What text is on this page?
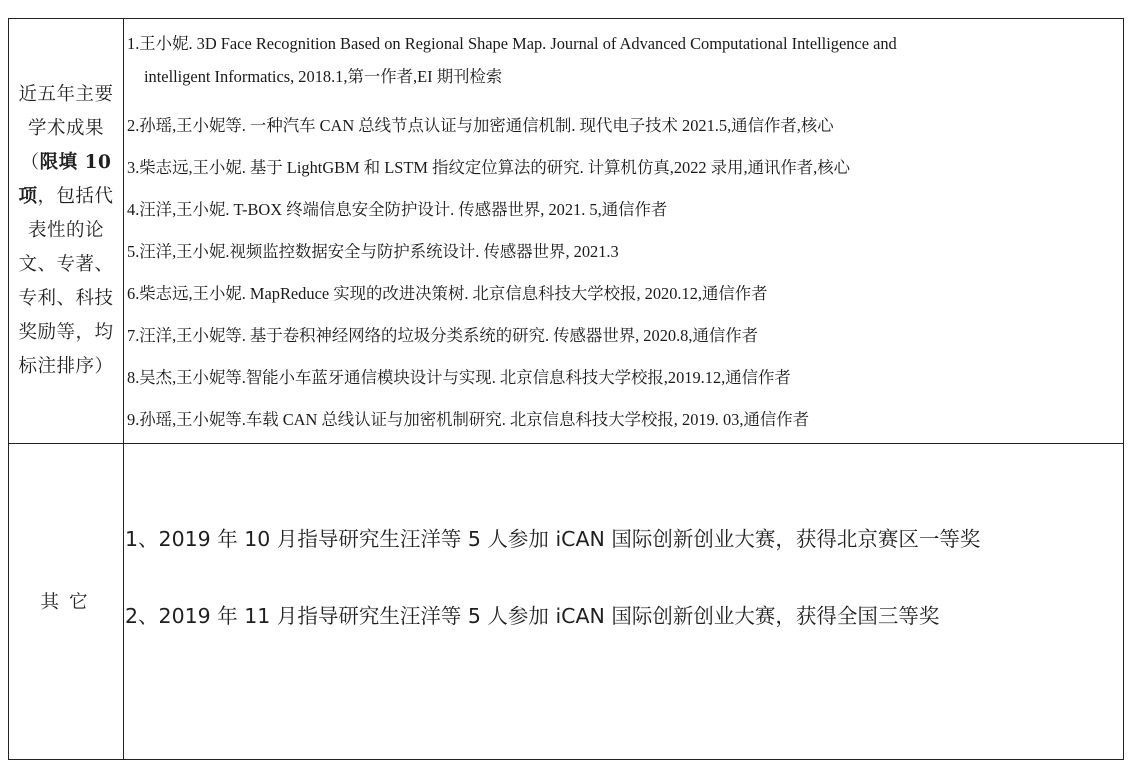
近五年主要
学术成果
（限填 10
项，包括代
表性的论
文、专著、
专利、科技
奖励等，均
标注排序）
1.王小妮. 3D Face Recognition Based on Regional Shape Map. Journal of Advanced Computational Intelligence and
intelligent Informatics, 2018.1,第一作者,EI 期刊检索
2.孙瑶,王小妮等. 一种汽车 CAN 总线节点认证与加密通信机制. 现代电子技术 2021.5,通信作者,核心
3.柴志远,王小妮. 基于 LightGBM 和 LSTM 指纹定位算法的研究. 计算机仿真,2022 录用,通讯作者,核心
4.汪洋,王小妮. T-BOX 终端信息安全防护设计. 传感器世界, 2021. 5,通信作者
5.汪洋,王小妮.视频监控数据安全与防护系统设计. 传感器世界, 2021.3
6.柴志远,王小妮. MapReduce 实现的改进决策树. 北京信息科技大学校报, 2020.12,通信作者
7.汪洋,王小妮等. 基于卷积神经网络的垃圾分类系统的研究. 传感器世界, 2020.8,通信作者
8.吴杰,王小妮等.智能小车蓝牙通信模块设计与实现. 北京信息科技大学校报,2019.12,通信作者
9.孙瑶,王小妮等.车载 CAN 总线认证与加密机制研究. 北京信息科技大学校报, 2019. 03,通信作者
其它
1、2019 年 10 月指导研究生汪洋等 5 人参加 iCAN 国际创新创业大赛，获得北京赛区一等奖
2、2019 年 11 月指导研究生汪洋等 5 人参加 iCAN 国际创新创业大赛，获得全国三等奖
